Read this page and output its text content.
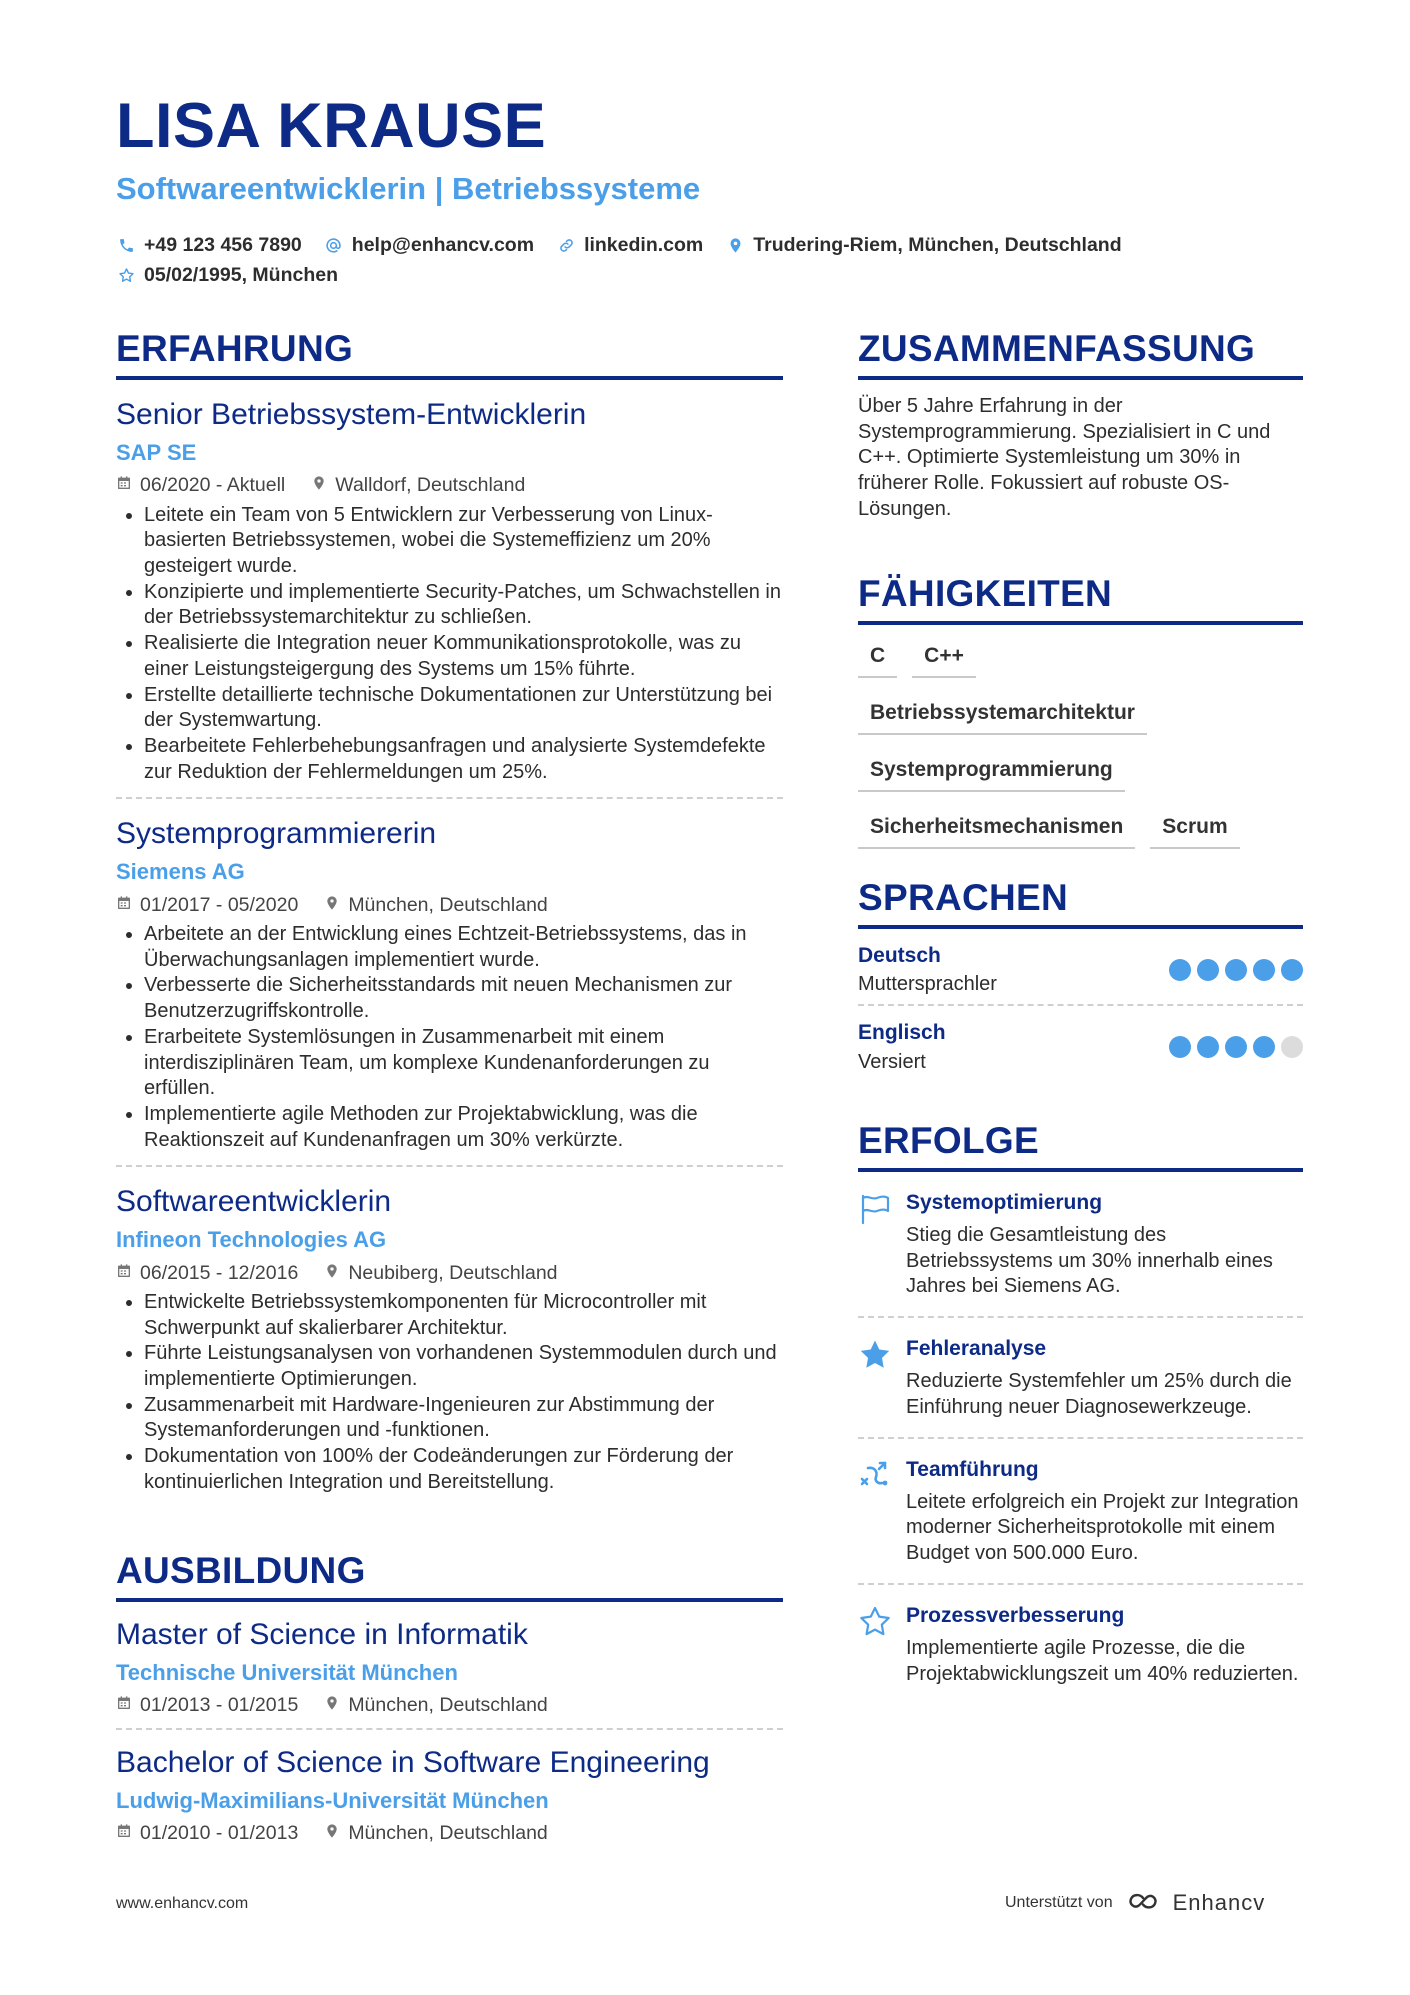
LISA KRAUSE
Softwareentwicklerin | Betriebssysteme
+49 123 456 7890	help@enhancv.com	linkedin.com	Trudering-Riem, München, Deutschland
05/02/1995, München
ERFAHRUNG
Senior Betriebssystem-Entwicklerin
SAP SE
06/2020 - Aktuell	Walldorf, Deutschland
• Leitete ein Team von 5 Entwicklern zur Verbesserung von Linux-basierten Betriebssystemen, wobei die Systemeffizienz um 20% gesteigert wurde.
• Konzipierte und implementierte Security-Patches, um Schwachstellen in der Betriebssystemarchitektur zu schließen.
• Realisierte die Integration neuer Kommunikationsprotokolle, was zu einer Leistungsteigergung des Systems um 15% führte.
• Erstellte detaillierte technische Dokumentationen zur Unterstützung bei der Systemwartung.
• Bearbeitete Fehlerbehebungsanfragen und analysierte Systemdefekte zur Reduktion der Fehlermeldungen um 25%.
Systemprogrammiererin
Siemens AG
01/2017 - 05/2020	München, Deutschland
• Arbeitete an der Entwicklung eines Echtzeit-Betriebssystems, das in Überwachungsanlagen implementiert wurde.
• Verbesserte die Sicherheitsstandards mit neuen Mechanismen zur Benutzerzugriffskontrolle.
• Erarbeitete Systemlösungen in Zusammenarbeit mit einem interdisziplinären Team, um komplexe Kundenanforderungen zu erfüllen.
• Implementierte agile Methoden zur Projektabwicklung, was die Reaktionszeit auf Kundenanfragen um 30% verkürzte.
Softwareentwicklerin
Infineon Technologies AG
06/2015 - 12/2016	Neubiberg, Deutschland
• Entwickelte Betriebssystemkomponenten für Microcontroller mit Schwerpunkt auf skalierbarer Architektur.
• Führte Leistungsanalysen von vorhandenen Systemmodulen durch und implementierte Optimierungen.
• Zusammenarbeit mit Hardware-Ingenieuren zur Abstimmung der Systemanforderungen und -funktionen.
• Dokumentation von 100% der Codeänderungen zur Förderung der kontinuierlichen Integration und Bereitstellung.
AUSBILDUNG
Master of Science in Informatik
Technische Universität München
01/2013 - 01/2015	München, Deutschland
Bachelor of Science in Software Engineering
Ludwig-Maximilians-Universität München
01/2010 - 01/2013	München, Deutschland
ZUSAMMENFASSUNG
Über 5 Jahre Erfahrung in der Systemprogrammierung. Spezialisiert in C und C++. Optimierte Systemleistung um 30% in früherer Rolle. Fokussiert auf robuste OS-Lösungen.
FÄHIGKEITEN
C	C++
Betriebssystemarchitektur
Systemprogrammierung
Sicherheitsmechanismen	Scrum
SPRACHEN
Deutsch
Muttersprachler
Englisch
Versiert
ERFOLGE
Systemoptimierung
Stieg die Gesamtleistung des Betriebssystems um 30% innerhalb eines Jahres bei Siemens AG.
Fehleranalyse
Reduzierte Systemfehler um 25% durch die Einführung neuer Diagnosewerkzeuge.
Teamführung
Leitete erfolgreich ein Projekt zur Integration moderner Sicherheitsprotokolle mit einem Budget von 500.000 Euro.
Prozessverbesserung
Implementierte agile Prozesse, die die Projektabwicklungszeit um 40% reduzierten.
www.enhancv.com	Unterstützt von	Enhancv
